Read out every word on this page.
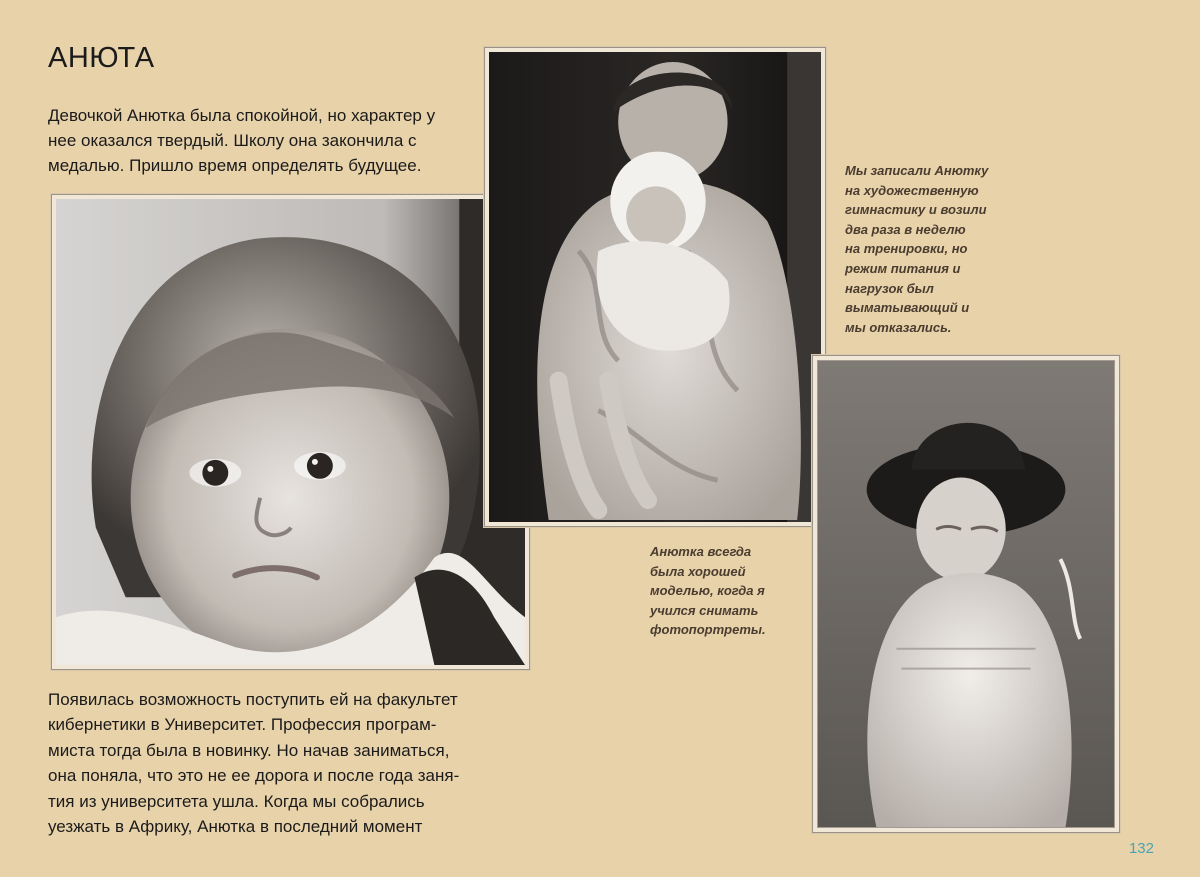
АНЮТА
Девочкой Анютка была спокойной, но характер у
нее оказался твердый. Школу она закончила с
медалью. Пришло время определять будущее.	Мы записали Анютку
на художественную
гимнастику и возили
два раза в неделю
на тренировки, но
режим питания и
нагрузок был
выматывающий и
мы отказались.
Анютка всегда
была хорошей
моделью, когда я
учился снимать
фотопортреты.
Появилась возможность поступить ей на факультет
кибернетики в Университет. Профессия програм-
миста тогда была в новинку. Но начав заниматься,
она поняла, что это не ее дорога и после года заня-
тия из университета ушла. Когда мы собрались
уезжать в Африку, Анютка в последний момент
132
